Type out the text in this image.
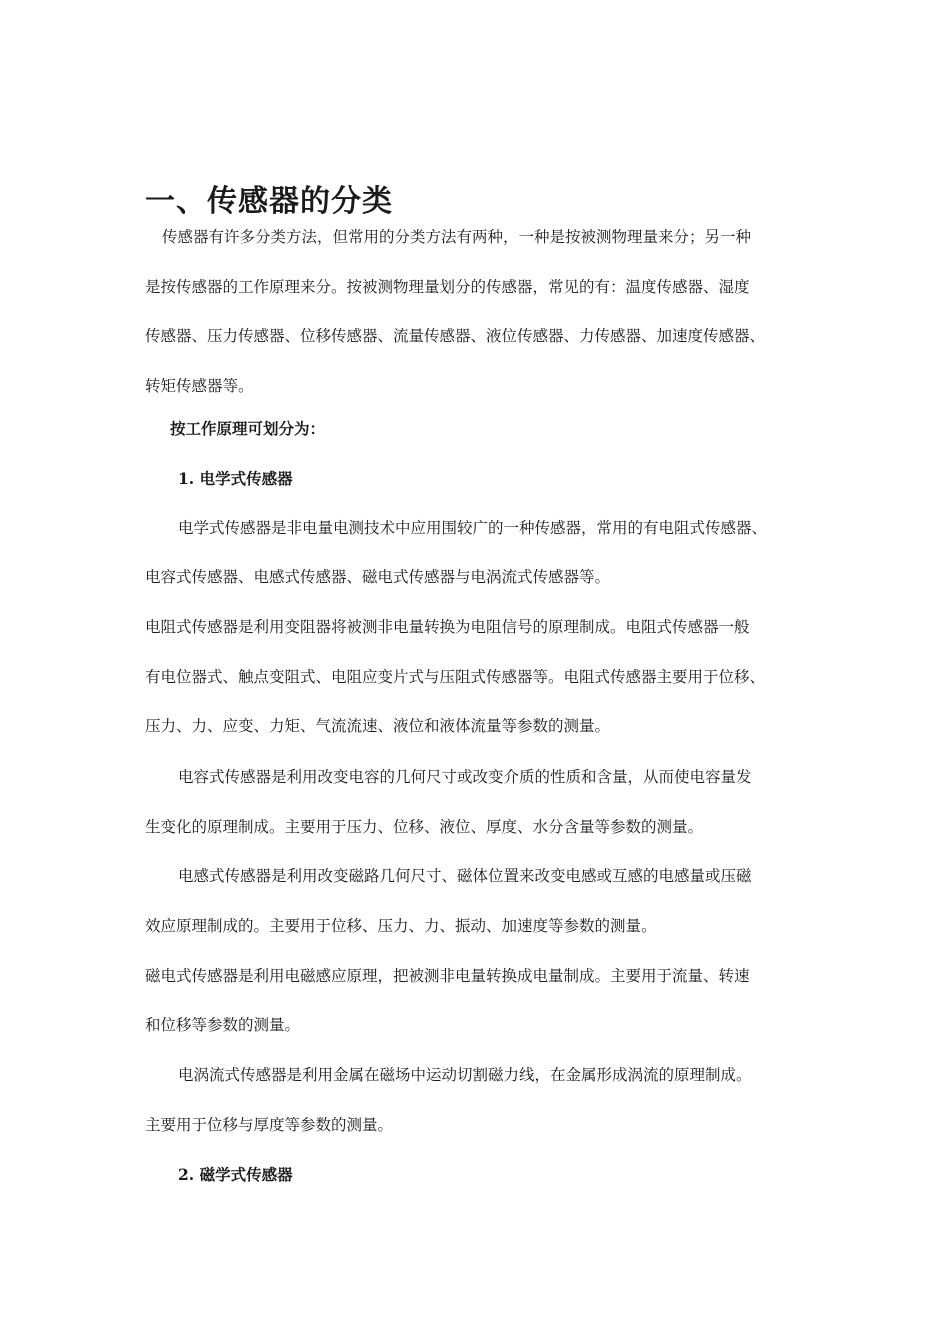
一、传感器的分类
传感器有许多分类方法，但常用的分类方法有两种，一种是按被测物理量来分；另一种
是按传感器的工作原理来分。按被测物理量划分的传感器，常见的有：温度传感器、湿度
传感器、压力传感器、位移传感器、流量传感器、液位传感器、力传感器、加速度传感器、
转矩传感器等。
按工作原理可划分为：
1. 电学式传感器
电学式传感器是非电量电测技术中应用围较广的一种传感器，常用的有电阻式传感器、
电容式传感器、电感式传感器、磁电式传感器与电涡流式传感器等。
电阻式传感器是利用变阻器将被测非电量转换为电阻信号的原理制成。电阻式传感器一般
有电位器式、触点变阻式、电阻应变片式与压阻式传感器等。电阻式传感器主要用于位移、
压力、力、应变、力矩、气流流速、液位和液体流量等参数的测量。
电容式传感器是利用改变电容的几何尺寸或改变介质的性质和含量，从而使电容量发
生变化的原理制成。主要用于压力、位移、液位、厚度、水分含量等参数的测量。
电感式传感器是利用改变磁路几何尺寸、磁体位置来改变电感或互感的电感量或压磁
效应原理制成的。主要用于位移、压力、力、振动、加速度等参数的测量。
磁电式传感器是利用电磁感应原理，把被测非电量转换成电量制成。主要用于流量、转速
和位移等参数的测量。
电涡流式传感器是利用金属在磁场中运动切割磁力线，在金属形成涡流的原理制成。
主要用于位移与厚度等参数的测量。
2. 磁学式传感器
